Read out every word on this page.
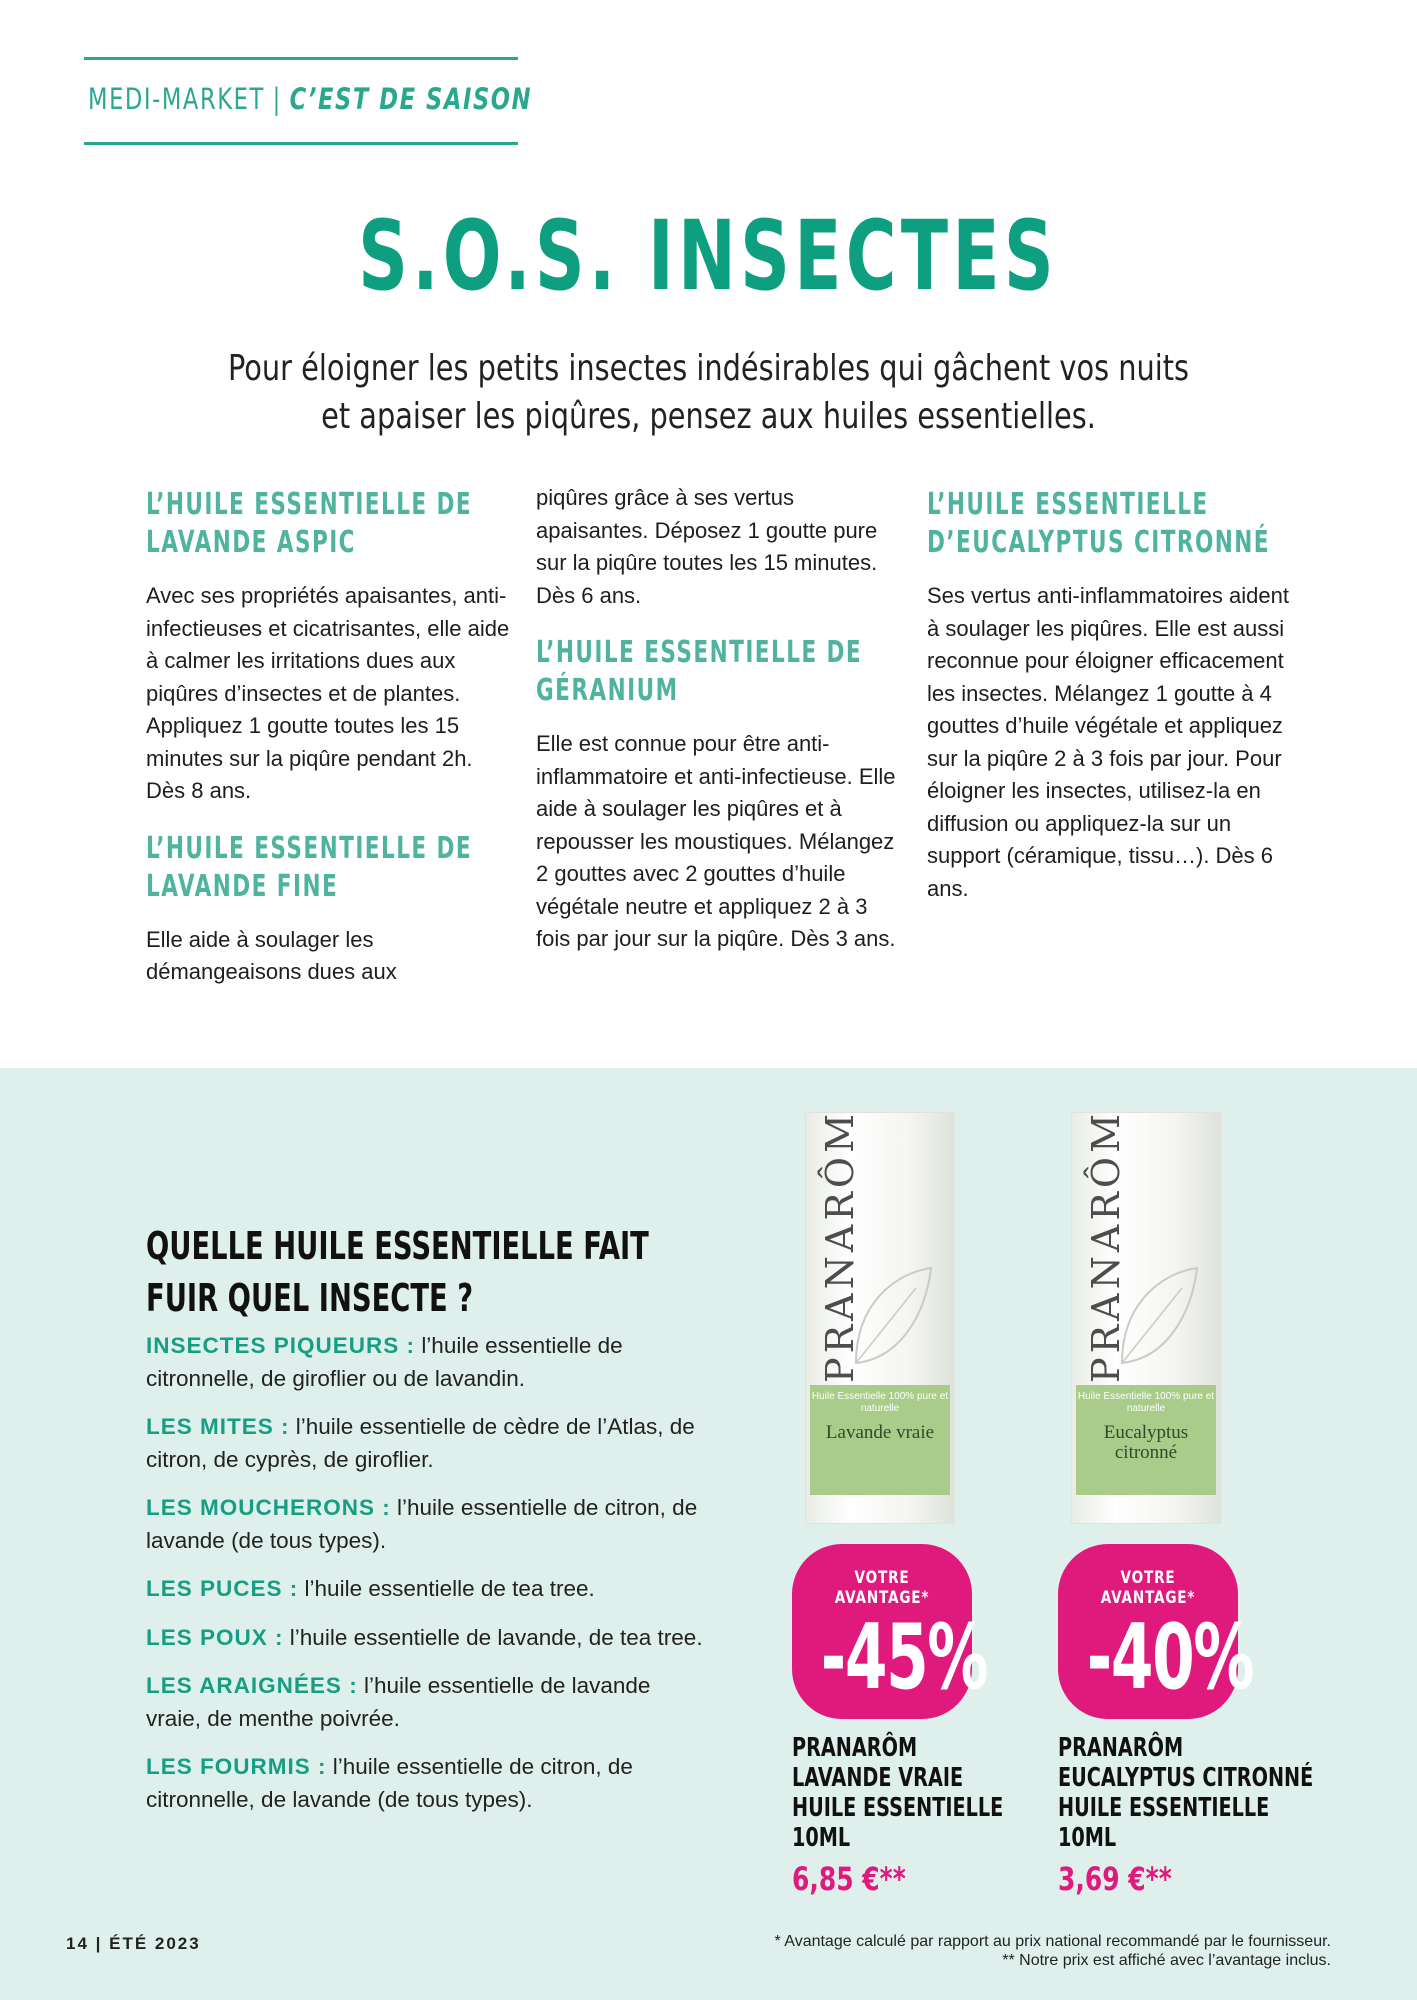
MEDI-MARKET | C’EST DE SAISON
S.O.S. INSECTES
Pour éloigner les petits insectes indésirables qui gâchent vos nuits
et apaiser les piqûres, pensez aux huiles essentielles.
L’HUILE ESSENTIELLE DE
LAVANDE ASPIC

Avec ses propriétés apaisantes, anti-infectieuses et cicatrisantes, elle aide à calmer les irritations dues aux piqûres d’insectes et de plantes. Appliquez 1 goutte toutes les 15 minutes sur la piqûre pendant 2h. Dès 8 ans.

L’HUILE ESSENTIELLE DE
LAVANDE FINE

Elle aide à soulager les démangeaisons dues aux

piqûres grâce à ses vertus apaisantes. Déposez 1 goutte pure sur la piqûre toutes les 15 minutes. Dès 6 ans.

L’HUILE ESSENTIELLE DE
GÉRANIUM

Elle est connue pour être anti-inflammatoire et anti-infectieuse. Elle aide à soulager les piqûres et à repousser les moustiques. Mélangez 2 gouttes avec 2 gouttes d’huile végétale neutre et appliquez 2 à 3 fois par jour sur la piqûre. Dès 3 ans.

L’HUILE ESSENTIELLE
D’EUCALYPTUS CITRONNÉ

Ses vertus anti-inflammatoires aident à soulager les piqûres. Elle est aussi reconnue pour éloigner efficacement les insectes. Mélangez 1 goutte à 4 gouttes d’huile végétale et appliquez sur la piqûre 2 à 3 fois par jour. Pour éloigner les insectes, utilisez-la en diffusion ou appliquez-la sur un support (céramique, tissu…). Dès 6 ans.

QUELLE HUILE ESSENTIELLE FAIT
FUIR QUEL INSECTE ?

INSECTES PIQUEURS : l’huile essentielle de citronnelle, de giroflier ou de lavandin.

LES MITES : l’huile essentielle de cèdre de l’Atlas, de citron, de cyprès, de giroflier.

LES MOUCHERONS : l’huile essentielle de citron, de lavande (de tous types).

LES PUCES : l’huile essentielle de tea tree.

LES POUX : l’huile essentielle de lavande, de tea tree.

LES ARAIGNÉES : l’huile essentielle de lavande vraie, de menthe poivrée.

LES FOURMIS : l’huile essentielle de citron, de citronnelle, de lavande (de tous types).

PRANARÔM
Huile Essentielle 100% pure et naturelle
Lavande vraie
VOTRE AVANTAGE*
-45%
PRANARÔM
LAVANDE VRAIE
HUILE ESSENTIELLE
10ML
6,85 €**
PRANARÔM
Huile Essentielle 100% pure et naturelle
Eucalyptus citronné
VOTRE AVANTAGE*
-40%
PRANARÔM
EUCALYPTUS CITRONNÉ
HUILE ESSENTIELLE
10ML
3,69 €**
14 | ÉTÉ 2023	* Avantage calculé par rapport au prix national recommandé par le fournisseur.
** Notre prix est affiché avec l’avantage inclus.
